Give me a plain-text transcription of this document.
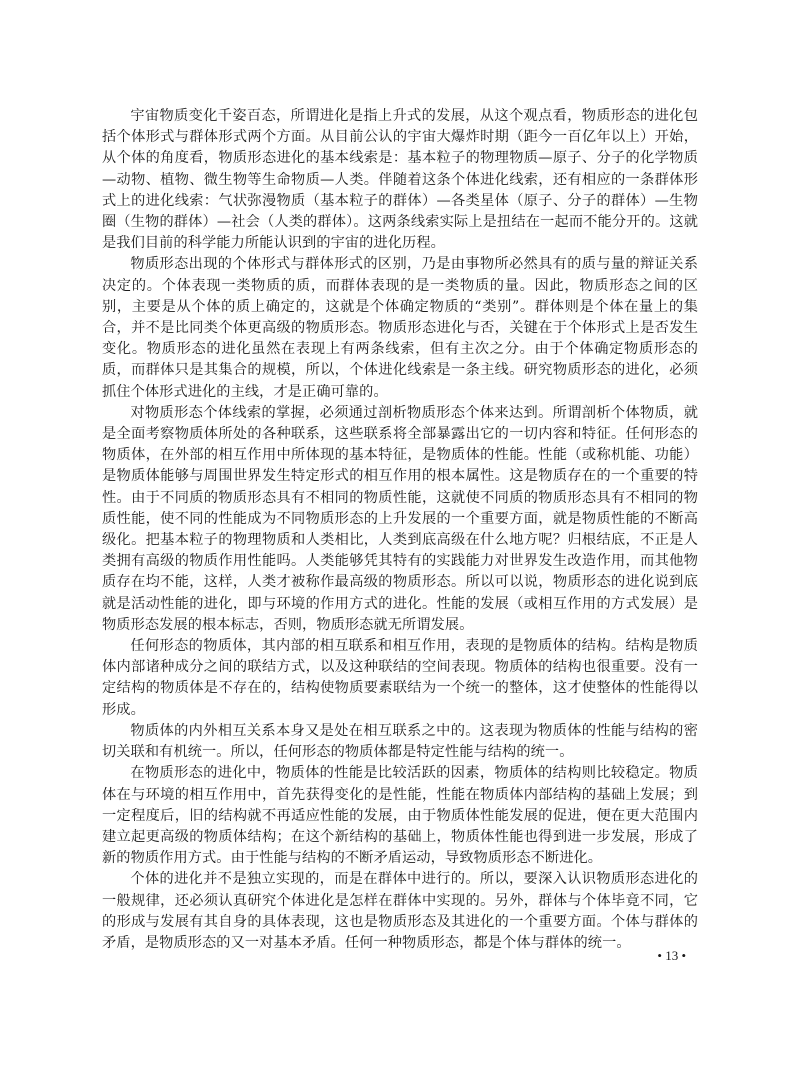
宇宙物质变化千姿百态，所谓进化是指上升式的发展，从这个观点看，物质形态的进化包括个体形式与群体形式两个方面。从目前公认的宇宙大爆炸时期（距今一百亿年以上）开始，从个体的角度看，物质形态进化的基本线索是：基本粒子的物理物质—原子、分子的化学物质—动物、植物、微生物等生命物质—人类。伴随着这条个体进化线索，还有相应的一条群体形式上的进化线索：气状弥漫物质（基本粒子的群体）—各类星体（原子、分子的群体）—生物圈（生物的群体）—社会（人类的群体）。这两条线索实际上是扭结在一起而不能分开的。这就是我们目前的科学能力所能认识到的宇宙的进化历程。

物质形态出现的个体形式与群体形式的区别，乃是由事物所必然具有的质与量的辩证关系决定的。个体表现一类物质的质，而群体表现的是一类物质的量。因此，物质形态之间的区别，主要是从个体的质上确定的，这就是个体确定物质的“类别”。群体则是个体在量上的集合，并不是比同类个体更高级的物质形态。物质形态进化与否，关键在于个体形式上是否发生变化。物质形态的进化虽然在表现上有两条线索，但有主次之分。由于个体确定物质形态的质，而群体只是其集合的规模，所以，个体进化线索是一条主线。研究物质形态的进化，必须抓住个体形式进化的主线，才是正确可靠的。

对物质形态个体线索的掌握，必须通过剖析物质形态个体来达到。所谓剖析个体物质，就是全面考察物质体所处的各种联系，这些联系将全部暴露出它的一切内容和特征。任何形态的物质体，在外部的相互作用中所体现的基本特征，是物质体的性能。性能（或称机能、功能）是物质体能够与周围世界发生特定形式的相互作用的根本属性。这是物质存在的一个重要的特性。由于不同质的物质形态具有不相同的物质性能，这就使不同质的物质形态具有不相同的物质性能，使不同的性能成为不同物质形态的上升发展的一个重要方面，就是物质性能的不断高级化。把基本粒子的物理物质和人类相比，人类到底高级在什么地方呢？归根结底，不正是人类拥有高级的物质作用性能吗。人类能够凭其特有的实践能力对世界发生改造作用，而其他物质存在均不能，这样，人类才被称作最高级的物质形态。所以可以说，物质形态的进化说到底就是活动性能的进化，即与环境的作用方式的进化。性能的发展（或相互作用的方式发展）是物质形态发展的根本标志，否则，物质形态就无所谓发展。

任何形态的物质体，其内部的相互联系和相互作用，表现的是物质体的结构。结构是物质体内部诸种成分之间的联结方式，以及这种联结的空间表现。物质体的结构也很重要。没有一定结构的物质体是不存在的，结构使物质要素联结为一个统一的整体，这才使整体的性能得以形成。

物质体的内外相互关系本身又是处在相互联系之中的。这表现为物质体的性能与结构的密切关联和有机统一。所以，任何形态的物质体都是特定性能与结构的统一。

在物质形态的进化中，物质体的性能是比较活跃的因素，物质体的结构则比较稳定。物质体在与环境的相互作用中，首先获得变化的是性能，性能在物质体内部结构的基础上发展；到一定程度后，旧的结构就不再适应性能的发展，由于物质体性能发展的促进，便在更大范围内建立起更高级的物质体结构；在这个新结构的基础上，物质体性能也得到进一步发展，形成了新的物质作用方式。由于性能与结构的不断矛盾运动，导致物质形态不断进化。

个体的进化并不是独立实现的，而是在群体中进行的。所以，要深入认识物质形态进化的一般规律，还必须认真研究个体进化是怎样在群体中实现的。另外，群体与个体毕竟不同，它的形成与发展有其自身的具体表现，这也是物质形态及其进化的一个重要方面。个体与群体的矛盾，是物质形态的又一对基本矛盾。任何一种物质形态，都是个体与群体的统一。

• 13 •
